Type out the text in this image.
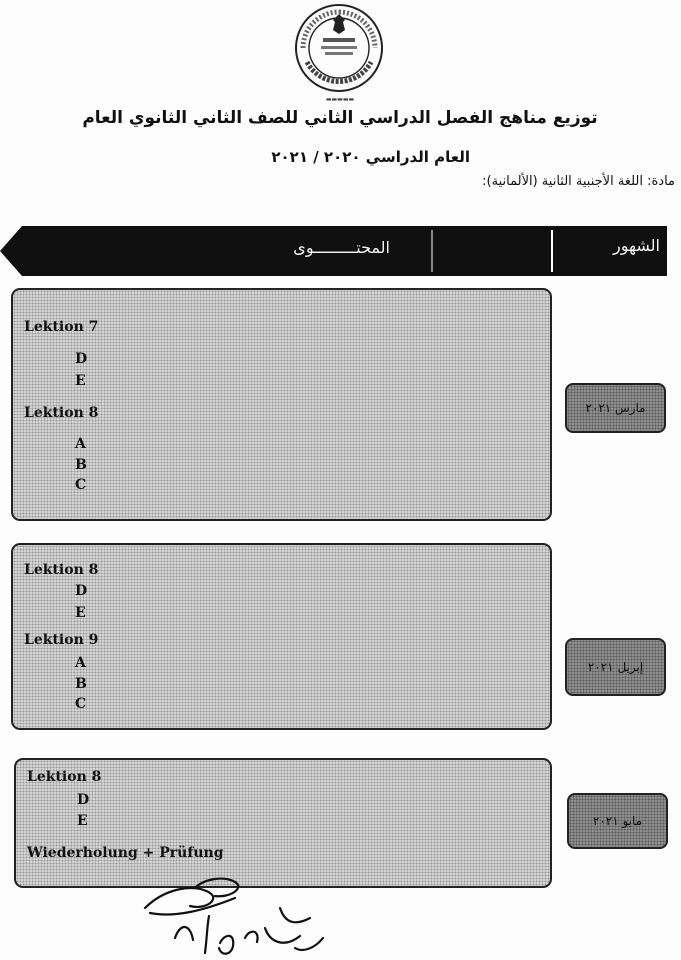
▬▬▬▬▬
توزيع مناهج الفصل الدراسي الثاني للصف الثاني الثانوي العام
العام الدراسي ٢٠٢٠ / ٢٠٢١
مادة: اللغة الأجنبية الثانية (الألمانية):
الشهور
المحتـــــــــوى
Lektion 7
D
E
Lektion 8
A
B
C
مارس ٢٠٢١
Lektion 8
D
E
Lektion 9
A
B
C
إبريل ٢٠٢١
Lektion 8
D
E
Wiederholung + Prüfung
مايو ٢٠٢١
